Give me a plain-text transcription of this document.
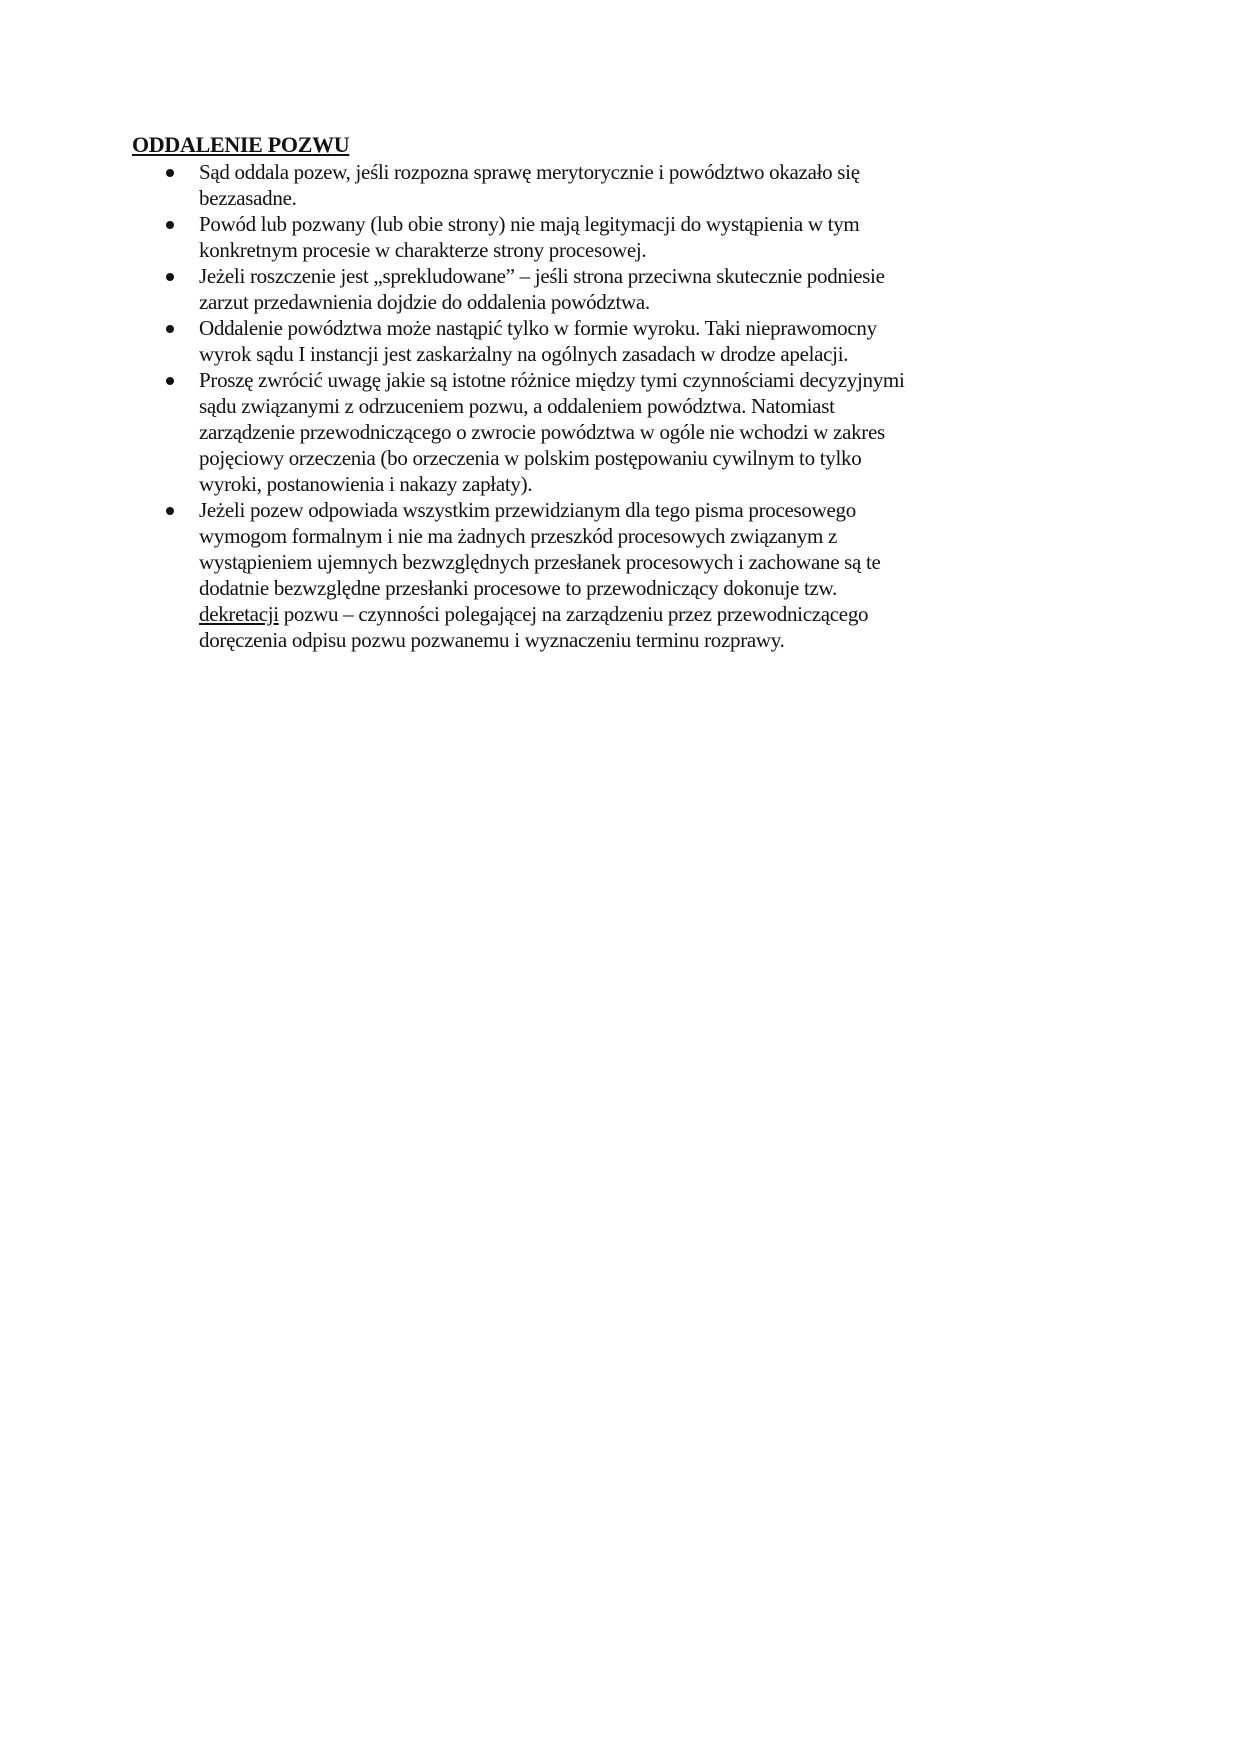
ODDALENIE POZWU
Sąd oddala pozew, jeśli rozpozna sprawę merytorycznie i powództwo okazało się
bezzasadne.
Powód lub pozwany (lub obie strony) nie mają legitymacji do wystąpienia w tym
konkretnym procesie w charakterze strony procesowej.
Jeżeli roszczenie jest „sprekludowane” – jeśli strona przeciwna skutecznie podniesie
zarzut przedawnienia dojdzie do oddalenia powództwa.
Oddalenie powództwa może nastąpić tylko w formie wyroku. Taki nieprawomocny
wyrok sądu I instancji jest zaskarżalny na ogólnych zasadach w drodze apelacji.
Proszę zwrócić uwagę jakie są istotne różnice między tymi czynnościami decyzyjnymi
sądu związanymi z odrzuceniem pozwu, a oddaleniem powództwa. Natomiast
zarządzenie przewodniczącego o zwrocie powództwa w ogóle nie wchodzi w zakres
pojęciowy orzeczenia (bo orzeczenia w polskim postępowaniu cywilnym to tylko
wyroki, postanowienia i nakazy zapłaty).
Jeżeli pozew odpowiada wszystkim przewidzianym dla tego pisma procesowego
wymogom formalnym i nie ma żadnych przeszkód procesowych związanym z
wystąpieniem ujemnych bezwzględnych przesłanek procesowych i zachowane są te
dodatnie bezwzględne przesłanki procesowe to przewodniczący dokonuje tzw.
dekretacji pozwu – czynności polegającej na zarządzeniu przez przewodniczącego
doręczenia odpisu pozwu pozwanemu i wyznaczeniu terminu rozprawy.
